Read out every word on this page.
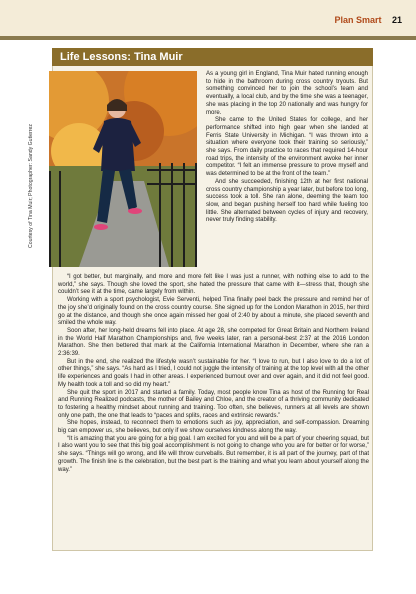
Plan Smart 21
Life Lessons: Tina Muir
Courtesy of Tina Muir; Photographer: Sandy Gutierrez

As a young girl in England, Tina Muir hated running enough to hide in the bathroom during cross country tryouts. But something convinced her to join the school’s team and eventually, a local club, and by the time she was a teenager, she was placing in the top 20 nationally and was hungry for more.

She came to the United States for college, and her performance shifted into high gear when she landed at Ferris State University in Michigan. “I was thrown into a situation where everyone took their training so seriously,” she says. From daily practice to races that required 14-hour road trips, the intensity of the environment awoke her inner competitor. “I felt an immense pressure to prove myself and was determined to be at the front of the team.”

And she succeeded, finishing 12th at her first national cross country championship a year later, but before too long, success took a toll. She ran alone, deeming the team too slow, and began pushing herself too hard while fueling too little. She alternated between cycles of injury and recovery, never truly finding stability.

“I got better, but marginally, and more and more felt like I was just a runner, with nothing else to add to the world,” she says. Though she loved the sport, she hated the pressure that came with it—stress that, though she couldn’t see it at the time, came largely from within.

Working with a sport psychologist, Evie Serventi, helped Tina finally peel back the pressure and remind her of the joy she’d originally found on the cross country course. She signed up for the London Marathon in 2015, her third go at the distance, and though she once again missed her goal of 2:40 by about a minute, she placed seventh and smiled the whole way.

Soon after, her long-held dreams fell into place. At age 28, she competed for Great Britain and Northern Ireland in the World Half Marathon Championships and, five weeks later, ran a personal-best 2:37 at the 2016 London Marathon. She then bettered that mark at the California International Marathon in December, where she ran a 2:36:39.

But in the end, she realized the lifestyle wasn’t sustainable for her. “I love to run, but I also love to do a lot of other things,” she says. “As hard as I tried, I could not juggle the intensity of training at the top level with all the other life experiences and goals I had in other areas. I experienced burnout over and over again, and it did not feel good. My health took a toll and so did my heart.”

She quit the sport in 2017 and started a family. Today, most people know Tina as host of the Running for Real and Running Realized podcasts, the mother of Bailey and Chloe, and the creator of a thriving community dedicated to fostering a healthy mindset about running and training. Too often, she believes, runners at all levels are shown only one path, the one that leads to “paces and splits, races and extrinsic rewards.”

She hopes, instead, to reconnect them to emotions such as joy, appreciation, and self-compassion. Dreaming big can empower us, she believes, but only if we show ourselves kindness along the way.

“It is amazing that you are going for a big goal. I am excited for you and will be a part of your cheering squad, but I also want you to see that this big goal accomplishment is not going to change who you are for better or for worse,” she says. “Things will go wrong, and life will throw curveballs. But remember, it is all part of the journey, part of that growth. The finish line is the celebration, but the best part is the training and what you learn about yourself along the way.”
